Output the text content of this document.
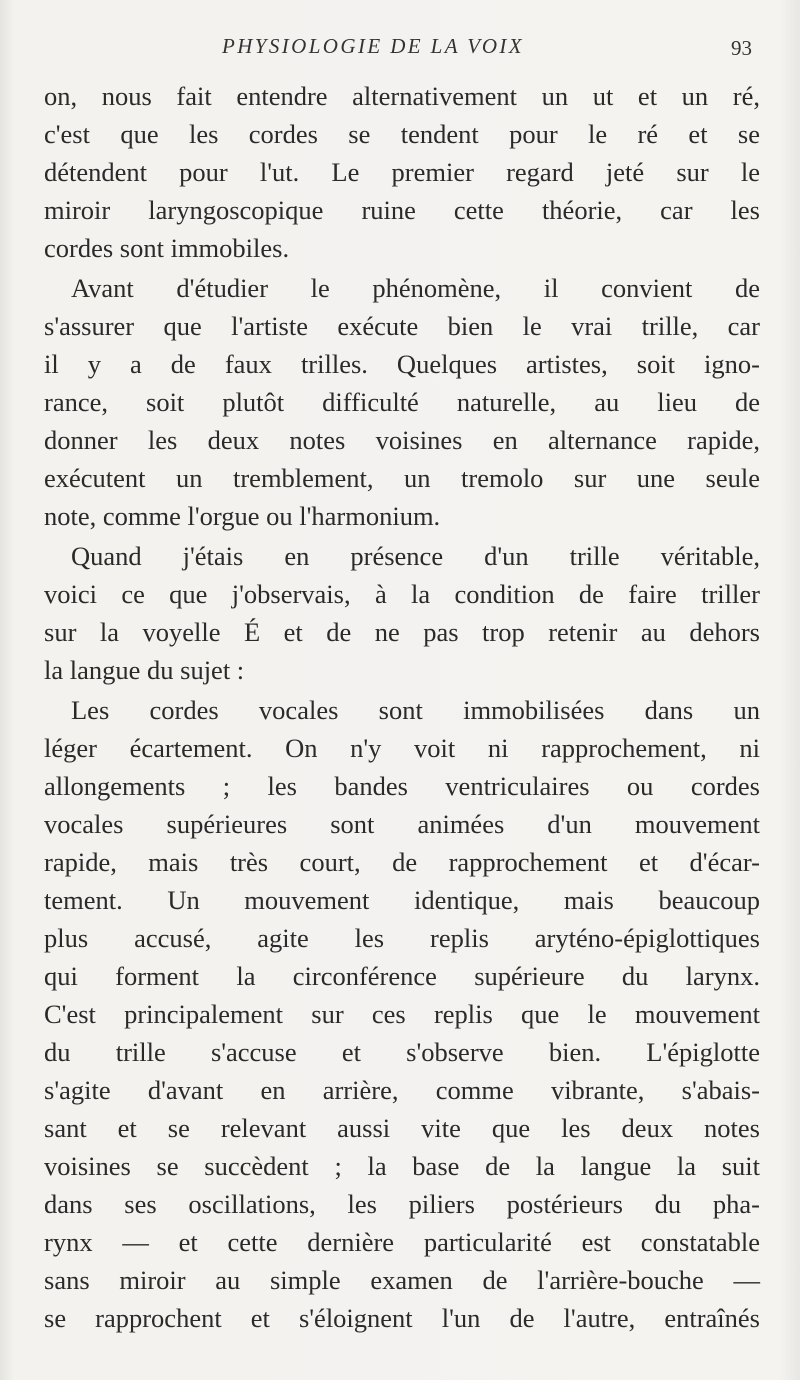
PHYSIOLOGIE DE LA VOIX	93
on, nous fait entendre alternativement un ut et un ré,
c'est que les cordes se tendent pour le ré et se
détendent pour l'ut. Le premier regard jeté sur le
miroir laryngoscopique ruine cette théorie, car les
cordes sont immobiles.
Avant d'étudier le phénomène, il convient de
s'assurer que l'artiste exécute bien le vrai trille, car
il y a de faux trilles. Quelques artistes, soit igno-
rance, soit plutôt difficulté naturelle, au lieu de
donner les deux notes voisines en alternance rapide,
exécutent un tremblement, un tremolo sur une seule
note, comme l'orgue ou l'harmonium.
Quand j'étais en présence d'un trille véritable,
voici ce que j'observais, à la condition de faire triller
sur la voyelle É et de ne pas trop retenir au dehors
la langue du sujet :
Les cordes vocales sont immobilisées dans un
léger écartement. On n'y voit ni rapprochement, ni
allongements ; les bandes ventriculaires ou cordes
vocales supérieures sont animées d'un mouvement
rapide, mais très court, de rapprochement et d'écar-
tement. Un mouvement identique, mais beaucoup
plus accusé, agite les replis aryténo-épiglottiques
qui forment la circonférence supérieure du larynx.
C'est principalement sur ces replis que le mouvement
du trille s'accuse et s'observe bien. L'épiglotte
s'agite d'avant en arrière, comme vibrante, s'abais-
sant et se relevant aussi vite que les deux notes
voisines se succèdent ; la base de la langue la suit
dans ses oscillations, les piliers postérieurs du pha-
rynx — et cette dernière particularité est constatable
sans miroir au simple examen de l'arrière-bouche —
se rapprochent et s'éloignent l'un de l'autre, entraînés
